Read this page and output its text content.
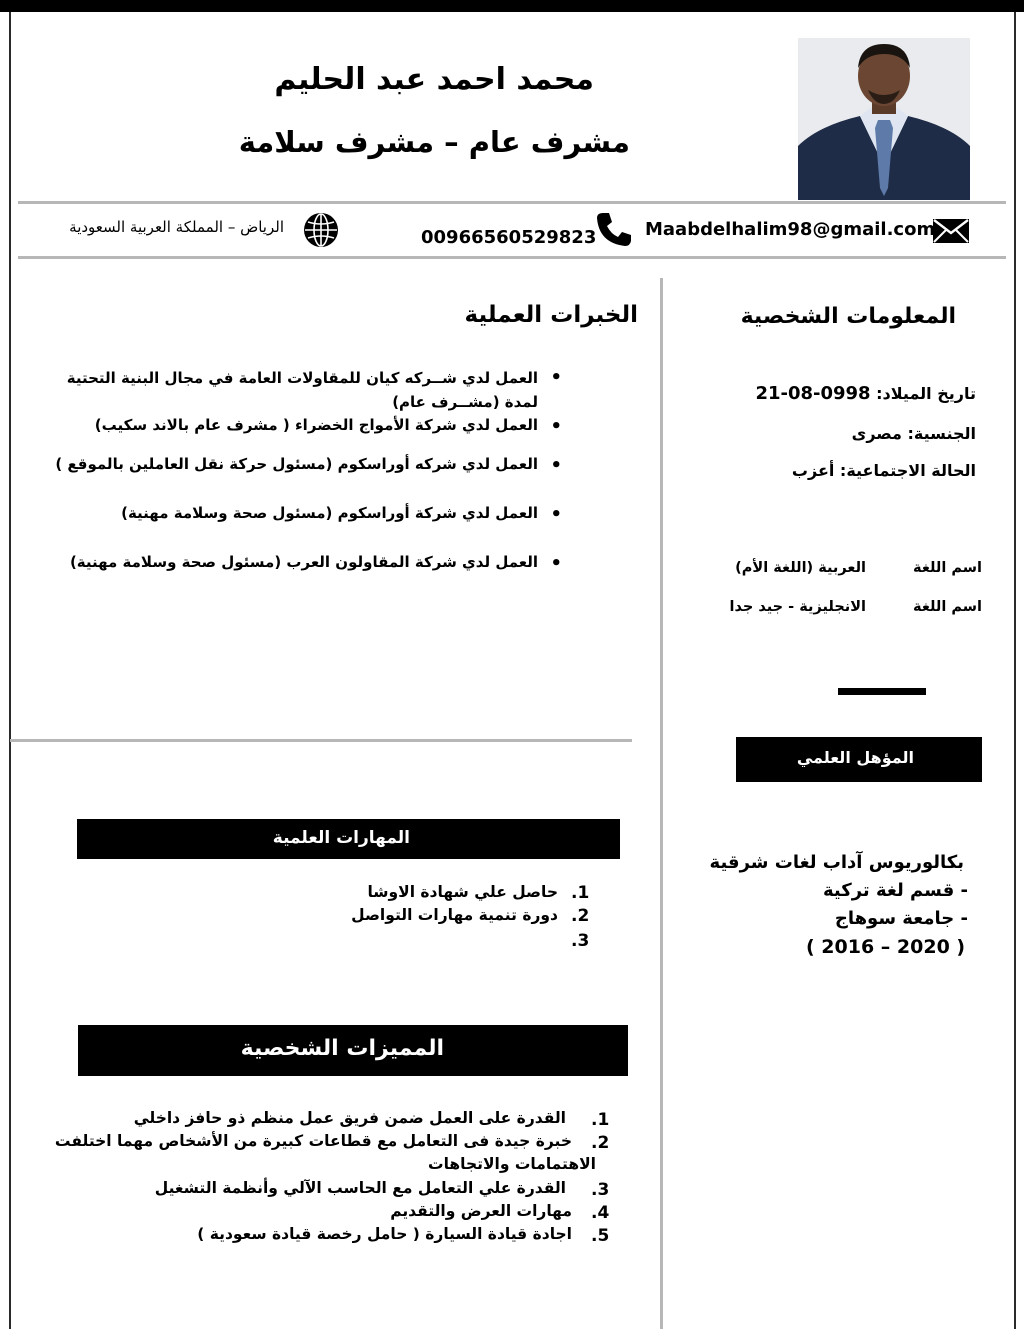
محمد احمد عبد الحليم
مشرف عام – مشرف سلامة
Maabdelhalim98@gmail.com
00966560529823
الرياض – المملكة العربية السعودية
المعلومات الشخصية
تاريخ الميلاد: 21-08-0998
الجنسية: مصرى
الحالة الاجتماعية: أعزب
اسم اللغة
العربية (اللغة الأم)
اسم اللغة
الانجليزية - جيد جدا
المؤهل العلمي
بكالوريوس آداب لغات شرقية
- قسم لغة تركية
- جامعة سوهاج
( 2016 – 2020 )
الخبرات العملية
• العمل لدي شــركه كيان للمقاولات العامة في مجال البنية التحتية لمدة (مشــرف عام)
• العمل لدي شركة الأمواج الخضراء ( مشرف عام بالاند سكيب)
• العمل لدي شركه أوراسكوم (مسئول حركة نقل العاملين بالموقع )
• العمل لدي شركة أوراسكوم (مسئول صحة وسلامة مهنية)
• العمل لدي شركة المقاولون العرب (مسئول صحة وسلامة مهنية)
المهارات العلمية
.1
حاصل علي شهادة الاوشا
.2
دورة تنمية مهارات التواصل
.3
المميزات الشخصية
.1
القدرة على العمل ضمن فريق عمل منظم ذو حافز داخلي
.2
خبرة جيدة فى التعامل مع قطاعات كبيرة من الأشخاص مهما اختلفت
الاهتمامات والاتجاهات
.3
القدرة علي التعامل مع الحاسب الآلي وأنظمة التشغيل
.4
مهارات العرض والتقديم
.5
اجادة قيادة السيارة ( حامل رخصة قيادة سعودية )
